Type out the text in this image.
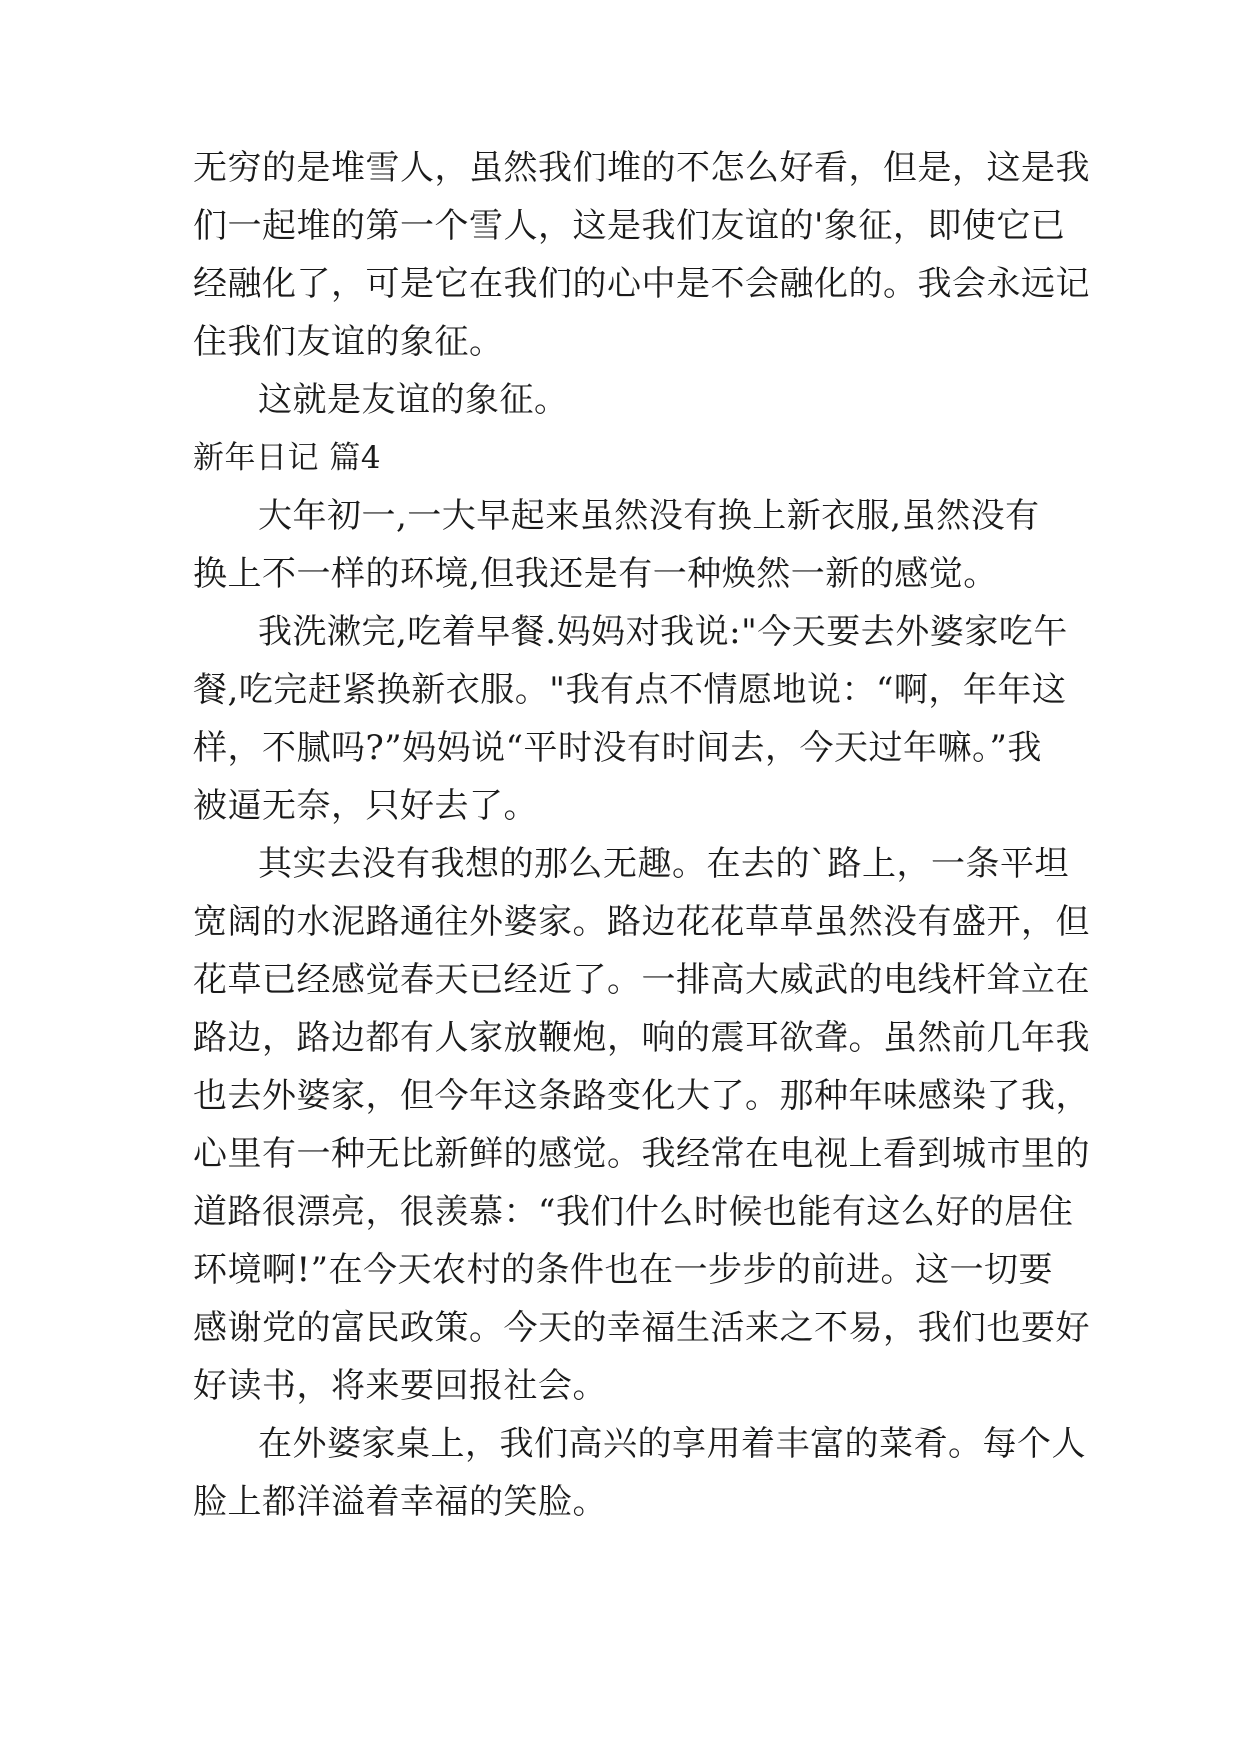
无穷的是堆雪人，虽然我们堆的不怎么好看，但是，这是我
们一起堆的第一个雪人，这是我们友谊的'象征，即使它已
经融化了，可是它在我们的心中是不会融化的。我会永远记
住我们友谊的象征。
这就是友谊的象征。
新年日记 篇4
大年初一,一大早起来虽然没有换上新衣服,虽然没有
换上不一样的环境,但我还是有一种焕然一新的感觉。
我洗漱完,吃着早餐.妈妈对我说:"今天要去外婆家吃午
餐,吃完赶紧换新衣服。"我有点不情愿地说：“啊，年年这
样，不腻吗?”妈妈说“平时没有时间去，今天过年嘛。”我
被逼无奈，只好去了。
其实去没有我想的那么无趣。在去的`路上，一条平坦
宽阔的水泥路通往外婆家。路边花花草草虽然没有盛开，但
花草已经感觉春天已经近了。一排高大威武的电线杆耸立在
路边，路边都有人家放鞭炮，响的震耳欲聋。虽然前几年我
也去外婆家，但今年这条路变化大了。那种年味感染了我，
心里有一种无比新鲜的感觉。我经常在电视上看到城市里的
道路很漂亮，很羡慕：“我们什么时候也能有这么好的居住
环境啊!”在今天农村的条件也在一步步的前进。这一切要
感谢党的富民政策。今天的幸福生活来之不易，我们也要好
好读书，将来要回报社会。
在外婆家桌上，我们高兴的享用着丰富的菜肴。每个人
脸上都洋溢着幸福的笑脸。
